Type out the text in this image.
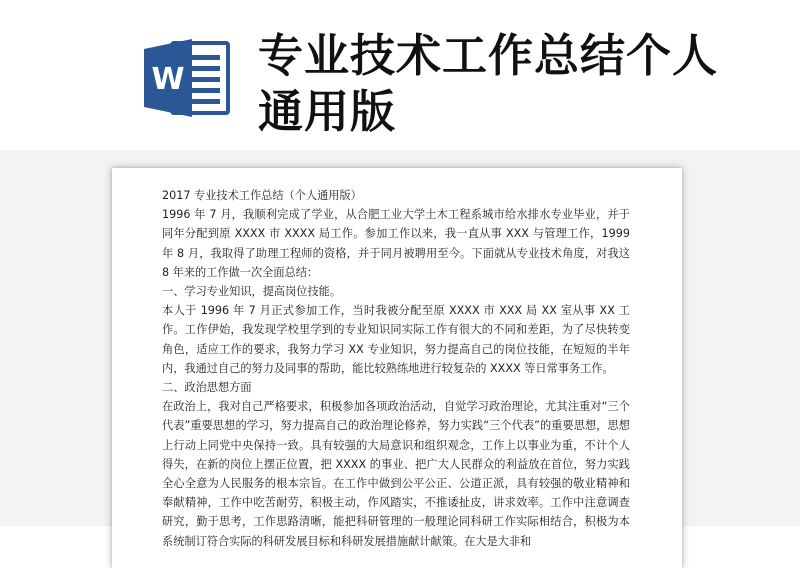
W 专业技术工作总结个人通用版

2017 专业技术工作总结（个人通用版）

1996 年 7 月，我顺利完成了学业，从合肥工业大学土木工程系城市给水排水专业毕业，并于同年分配到原 XXXX 市 XXXX 局工作。参加工作以来，我一直从事 XXX 与管理工作，1999 年 8 月，我取得了助理工程师的资格，并于同月被聘用至今。下面就从专业技术角度，对我这 8 年来的工作做一次全面总结：

一、学习专业知识，提高岗位技能。

本人于 1996 年 7 月正式参加工作，当时我被分配至原 XXXX 市 XXX 局 XX 室从事 XX 工作。工作伊始，我发现学校里学到的专业知识同实际工作有很大的不同和差距，为了尽快转变角色，适应工作的要求，我努力学习 XX 专业知识，努力提高自己的岗位技能，在短短的半年内，我通过自己的努力及同事的帮助，能比较熟练地进行较复杂的 XXXX 等日常事务工作。

二、政治思想方面

在政治上，我对自己严格要求，积极参加各项政治活动，自觉学习政治理论，尤其注重对“三个代表”重要思想的学习，努力提高自己的政治理论修养，努力实践“三个代表”的重要思想，思想上行动上同党中央保持一致。具有较强的大局意识和组织观念，工作上以事业为重，不计个人得失，在新的岗位上摆正位置，把 XXXX 的事业、把广大人民群众的利益放在首位，努力实践全心全意为人民服务的根本宗旨。在工作中做到公平公正、公道正派，具有较强的敬业精神和奉献精神，工作中吃苦耐劳，积极主动，作风踏实，不推诿扯皮，讲求效率。工作中注意调查研究，勤于思考，工作思路清晰，能把科研管理的一般理论同科研工作实际相结合，积极为本系统制订符合实际的科研发展目标和科研发展措施献计献策。在大是大非和
